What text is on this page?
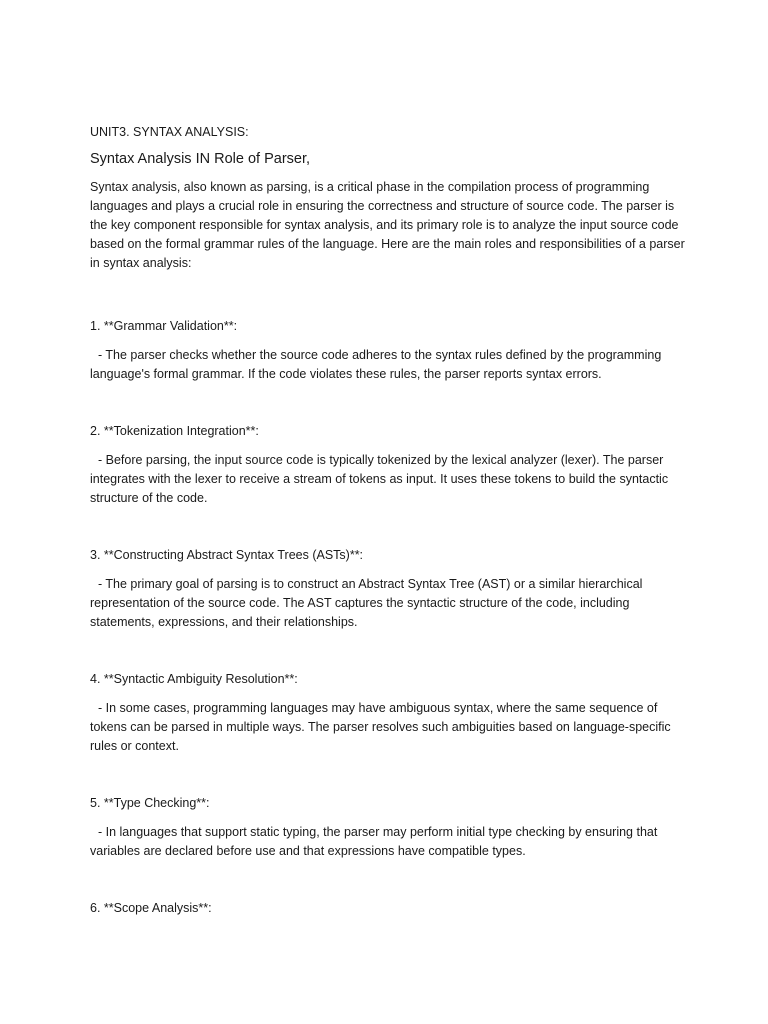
UNIT3. SYNTAX ANALYSIS:

Syntax Analysis IN Role of Parser,

Syntax analysis, also known as parsing, is a critical phase in the compilation process of programming languages and plays a crucial role in ensuring the correctness and structure of source code. The parser is the key component responsible for syntax analysis, and its primary role is to analyze the input source code based on the formal grammar rules of the language. Here are the main roles and responsibilities of a parser in syntax analysis:

1. **Grammar Validation**:

- The parser checks whether the source code adheres to the syntax rules defined by the programming language's formal grammar. If the code violates these rules, the parser reports syntax errors.

2. **Tokenization Integration**:

- Before parsing, the input source code is typically tokenized by the lexical analyzer (lexer). The parser integrates with the lexer to receive a stream of tokens as input. It uses these tokens to build the syntactic structure of the code.

3. **Constructing Abstract Syntax Trees (ASTs)**:

- The primary goal of parsing is to construct an Abstract Syntax Tree (AST) or a similar hierarchical representation of the source code. The AST captures the syntactic structure of the code, including statements, expressions, and their relationships.

4. **Syntactic Ambiguity Resolution**:

- In some cases, programming languages may have ambiguous syntax, where the same sequence of tokens can be parsed in multiple ways. The parser resolves such ambiguities based on language-specific rules or context.

5. **Type Checking**:

- In languages that support static typing, the parser may perform initial type checking by ensuring that variables are declared before use and that expressions have compatible types.

6. **Scope Analysis**:
